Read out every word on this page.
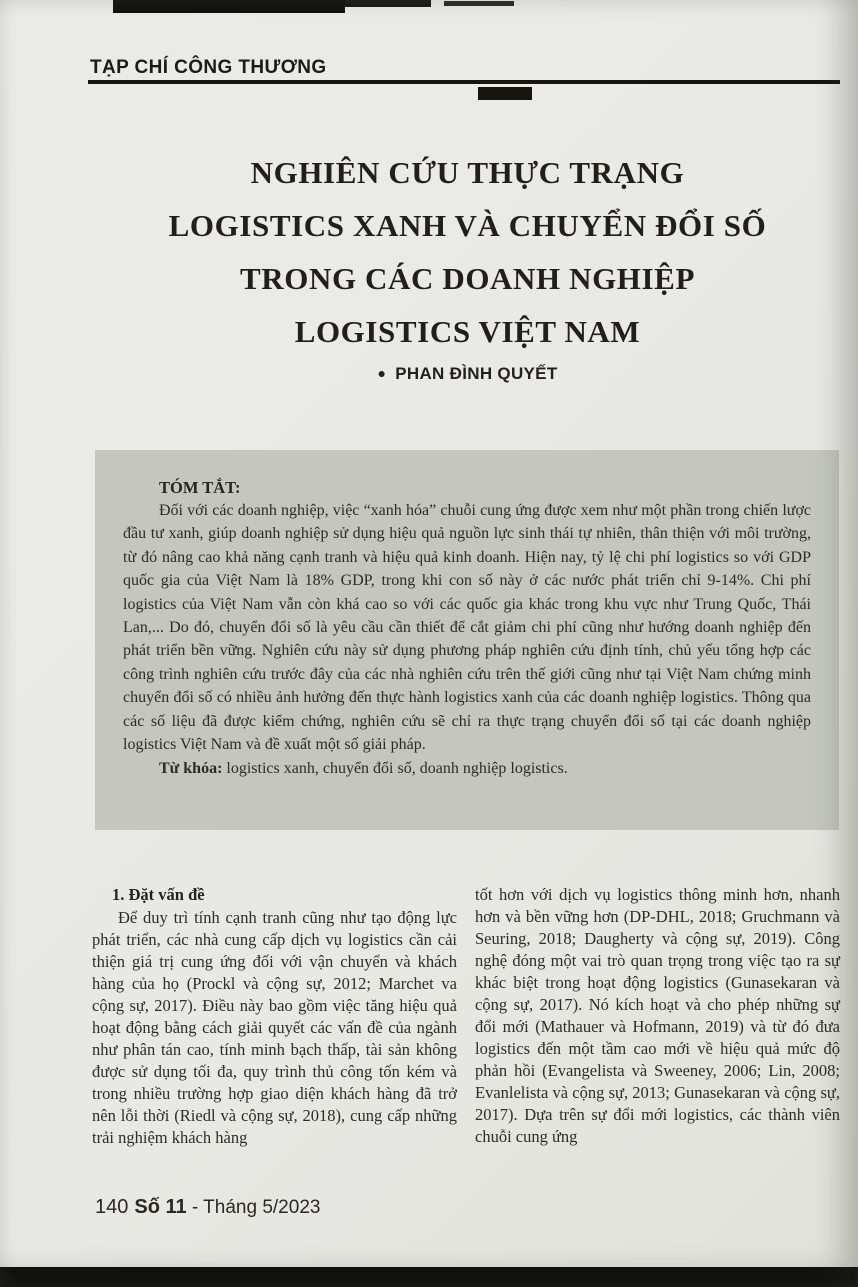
TẠP CHÍ CÔNG THƯƠNG
NGHIÊN CỨU THỰC TRẠNG
LOGISTICS XANH VÀ CHUYỂN ĐỔI SỐ
TRONG CÁC DOANH NGHIỆP
LOGISTICS VIỆT NAM
● PHAN ĐÌNH QUYẾT
TÓM TẮT:

Đối với các doanh nghiệp, việc “xanh hóa” chuỗi cung ứng được xem như một phần trong chiến lược đầu tư xanh, giúp doanh nghiệp sử dụng hiệu quả nguồn lực sinh thái tự nhiên, thân thiện với môi trường, từ đó nâng cao khả năng cạnh tranh và hiệu quả kinh doanh. Hiện nay, tỷ lệ chi phí logistics so với GDP quốc gia của Việt Nam là 18% GDP, trong khi con số này ở các nước phát triển chỉ 9-14%. Chi phí logistics của Việt Nam vẫn còn khá cao so với các quốc gia khác trong khu vực như Trung Quốc, Thái Lan,... Do đó, chuyển đổi số là yêu cầu cần thiết để cắt giảm chi phí cũng như hướng doanh nghiệp đến phát triển bền vững. Nghiên cứu này sử dụng phương pháp nghiên cứu định tính, chủ yếu tổng hợp các công trình nghiên cứu trước đây của các nhà nghiên cứu trên thế giới cũng như tại Việt Nam chứng minh chuyển đổi số có nhiều ảnh hưởng đến thực hành logistics xanh của các doanh nghiệp logistics. Thông qua các số liệu đã được kiểm chứng, nghiên cứu sẽ chỉ ra thực trạng chuyển đổi số tại các doanh nghiệp logistics Việt Nam và đề xuất một số giải pháp.

Từ khóa: logistics xanh, chuyển đổi số, doanh nghiệp logistics.

1. Đặt vấn đề

Để duy trì tính cạnh tranh cũng như tạo động lực phát triển, các nhà cung cấp dịch vụ logistics cần cải thiện giá trị cung ứng đối với vận chuyển và khách hàng của họ (Prockl và cộng sự, 2012; Marchet va cộng sự, 2017). Điều này bao gồm việc tăng hiệu quả hoạt động bằng cách giải quyết các vấn đề của ngành như phân tán cao, tính minh bạch thấp, tài sản không được sử dụng tối đa, quy trình thủ công tốn kém và trong nhiều trường hợp giao diện khách hàng đã trở nên lỗi thời (Riedl và cộng sự, 2018), cung cấp những trải nghiệm khách hàng

tốt hơn với dịch vụ logistics thông minh hơn, nhanh hơn và bền vững hơn (DP-DHL, 2018; Gruchmann và Seuring, 2018; Daugherty và cộng sự, 2019). Công nghệ đóng một vai trò quan trọng trong việc tạo ra sự khác biệt trong hoạt động logistics (Gunasekaran và cộng sự, 2017). Nó kích hoạt và cho phép những sự đổi mới (Mathauer và Hofmann, 2019) và từ đó đưa logistics đến một tầm cao mới về hiệu quả mức độ phản hồi (Evangelista và Sweeney, 2006; Lin, 2008; Evanlelista và cộng sự, 2013; Gunasekaran và cộng sự, 2017). Dựa trên sự đổi mới logistics, các thành viên chuỗi cung ứng

140 Số 11 - Tháng 5/2023
